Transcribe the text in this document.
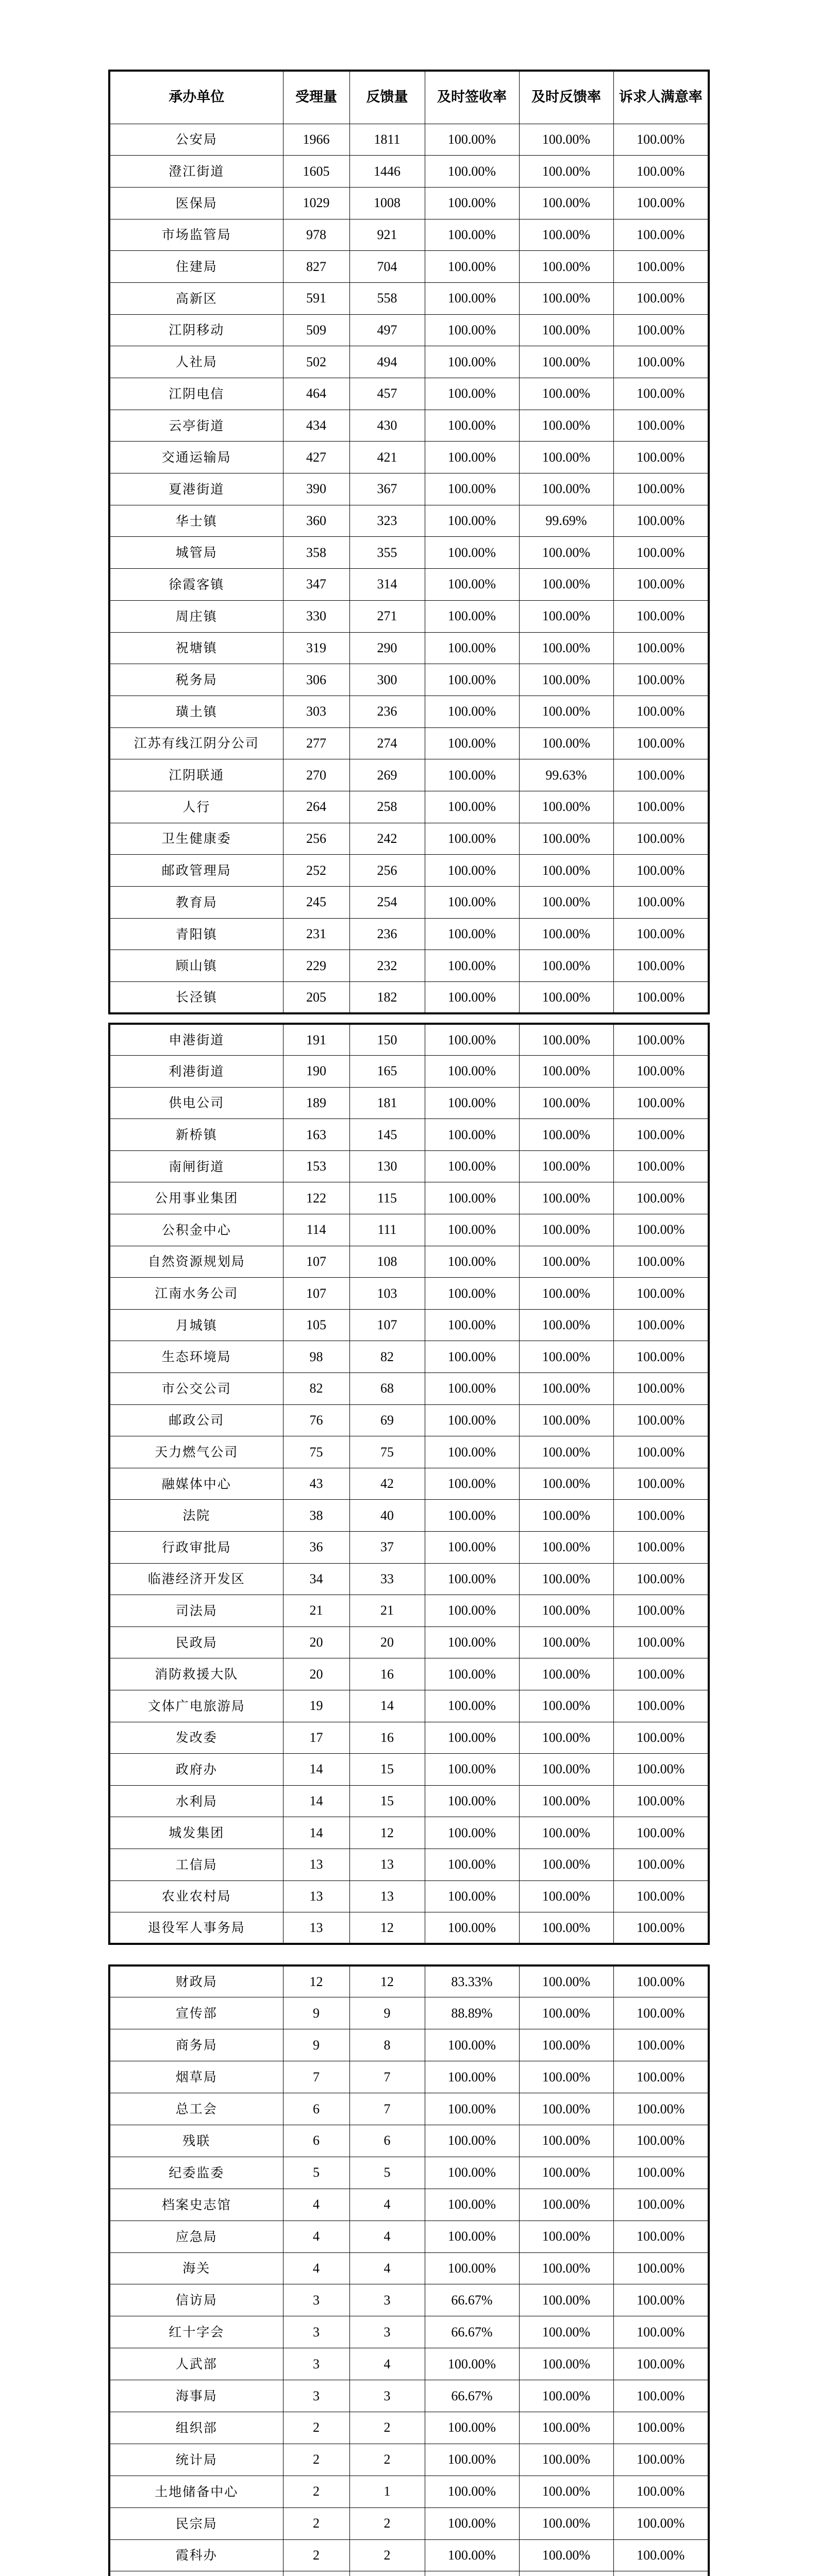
承办单位	受理量	反馈量	及时签收率	及时反馈率	诉求人满意率
公安局	1966	1811	100.00%	100.00%	100.00%
澄江街道	1605	1446	100.00%	100.00%	100.00%
医保局	1029	1008	100.00%	100.00%	100.00%
市场监管局	978	921	100.00%	100.00%	100.00%
住建局	827	704	100.00%	100.00%	100.00%
高新区	591	558	100.00%	100.00%	100.00%
江阴移动	509	497	100.00%	100.00%	100.00%
人社局	502	494	100.00%	100.00%	100.00%
江阴电信	464	457	100.00%	100.00%	100.00%
云亭街道	434	430	100.00%	100.00%	100.00%
交通运输局	427	421	100.00%	100.00%	100.00%
夏港街道	390	367	100.00%	100.00%	100.00%
华士镇	360	323	100.00%	99.69%	100.00%
城管局	358	355	100.00%	100.00%	100.00%
徐霞客镇	347	314	100.00%	100.00%	100.00%
周庄镇	330	271	100.00%	100.00%	100.00%
祝塘镇	319	290	100.00%	100.00%	100.00%
税务局	306	300	100.00%	100.00%	100.00%
璜土镇	303	236	100.00%	100.00%	100.00%
江苏有线江阴分公司	277	274	100.00%	100.00%	100.00%
江阴联通	270	269	100.00%	99.63%	100.00%
人行	264	258	100.00%	100.00%	100.00%
卫生健康委	256	242	100.00%	100.00%	100.00%
邮政管理局	252	256	100.00%	100.00%	100.00%
教育局	245	254	100.00%	100.00%	100.00%
青阳镇	231	236	100.00%	100.00%	100.00%
顾山镇	229	232	100.00%	100.00%	100.00%
长泾镇	205	182	100.00%	100.00%	100.00%
申港街道	191	150	100.00%	100.00%	100.00%
利港街道	190	165	100.00%	100.00%	100.00%
供电公司	189	181	100.00%	100.00%	100.00%
新桥镇	163	145	100.00%	100.00%	100.00%
南闸街道	153	130	100.00%	100.00%	100.00%
公用事业集团	122	115	100.00%	100.00%	100.00%
公积金中心	114	111	100.00%	100.00%	100.00%
自然资源规划局	107	108	100.00%	100.00%	100.00%
江南水务公司	107	103	100.00%	100.00%	100.00%
月城镇	105	107	100.00%	100.00%	100.00%
生态环境局	98	82	100.00%	100.00%	100.00%
市公交公司	82	68	100.00%	100.00%	100.00%
邮政公司	76	69	100.00%	100.00%	100.00%
天力燃气公司	75	75	100.00%	100.00%	100.00%
融媒体中心	43	42	100.00%	100.00%	100.00%
法院	38	40	100.00%	100.00%	100.00%
行政审批局	36	37	100.00%	100.00%	100.00%
临港经济开发区	34	33	100.00%	100.00%	100.00%
司法局	21	21	100.00%	100.00%	100.00%
民政局	20	20	100.00%	100.00%	100.00%
消防救援大队	20	16	100.00%	100.00%	100.00%
文体广电旅游局	19	14	100.00%	100.00%	100.00%
发改委	17	16	100.00%	100.00%	100.00%
政府办	14	15	100.00%	100.00%	100.00%
水利局	14	15	100.00%	100.00%	100.00%
城发集团	14	12	100.00%	100.00%	100.00%
工信局	13	13	100.00%	100.00%	100.00%
农业农村局	13	13	100.00%	100.00%	100.00%
退役军人事务局	13	12	100.00%	100.00%	100.00%
财政局	12	12	83.33%	100.00%	100.00%
宣传部	9	9	88.89%	100.00%	100.00%
商务局	9	8	100.00%	100.00%	100.00%
烟草局	7	7	100.00%	100.00%	100.00%
总工会	6	7	100.00%	100.00%	100.00%
残联	6	6	100.00%	100.00%	100.00%
纪委监委	5	5	100.00%	100.00%	100.00%
档案史志馆	4	4	100.00%	100.00%	100.00%
应急局	4	4	100.00%	100.00%	100.00%
海关	4	4	100.00%	100.00%	100.00%
信访局	3	3	66.67%	100.00%	100.00%
红十字会	3	3	66.67%	100.00%	100.00%
人武部	3	4	100.00%	100.00%	100.00%
海事局	3	3	66.67%	100.00%	100.00%
组织部	2	2	100.00%	100.00%	100.00%
统计局	2	2	100.00%	100.00%	100.00%
土地储备中心	2	1	100.00%	100.00%	100.00%
民宗局	2	2	100.00%	100.00%	100.00%
霞科办	2	2	100.00%	100.00%	100.00%
